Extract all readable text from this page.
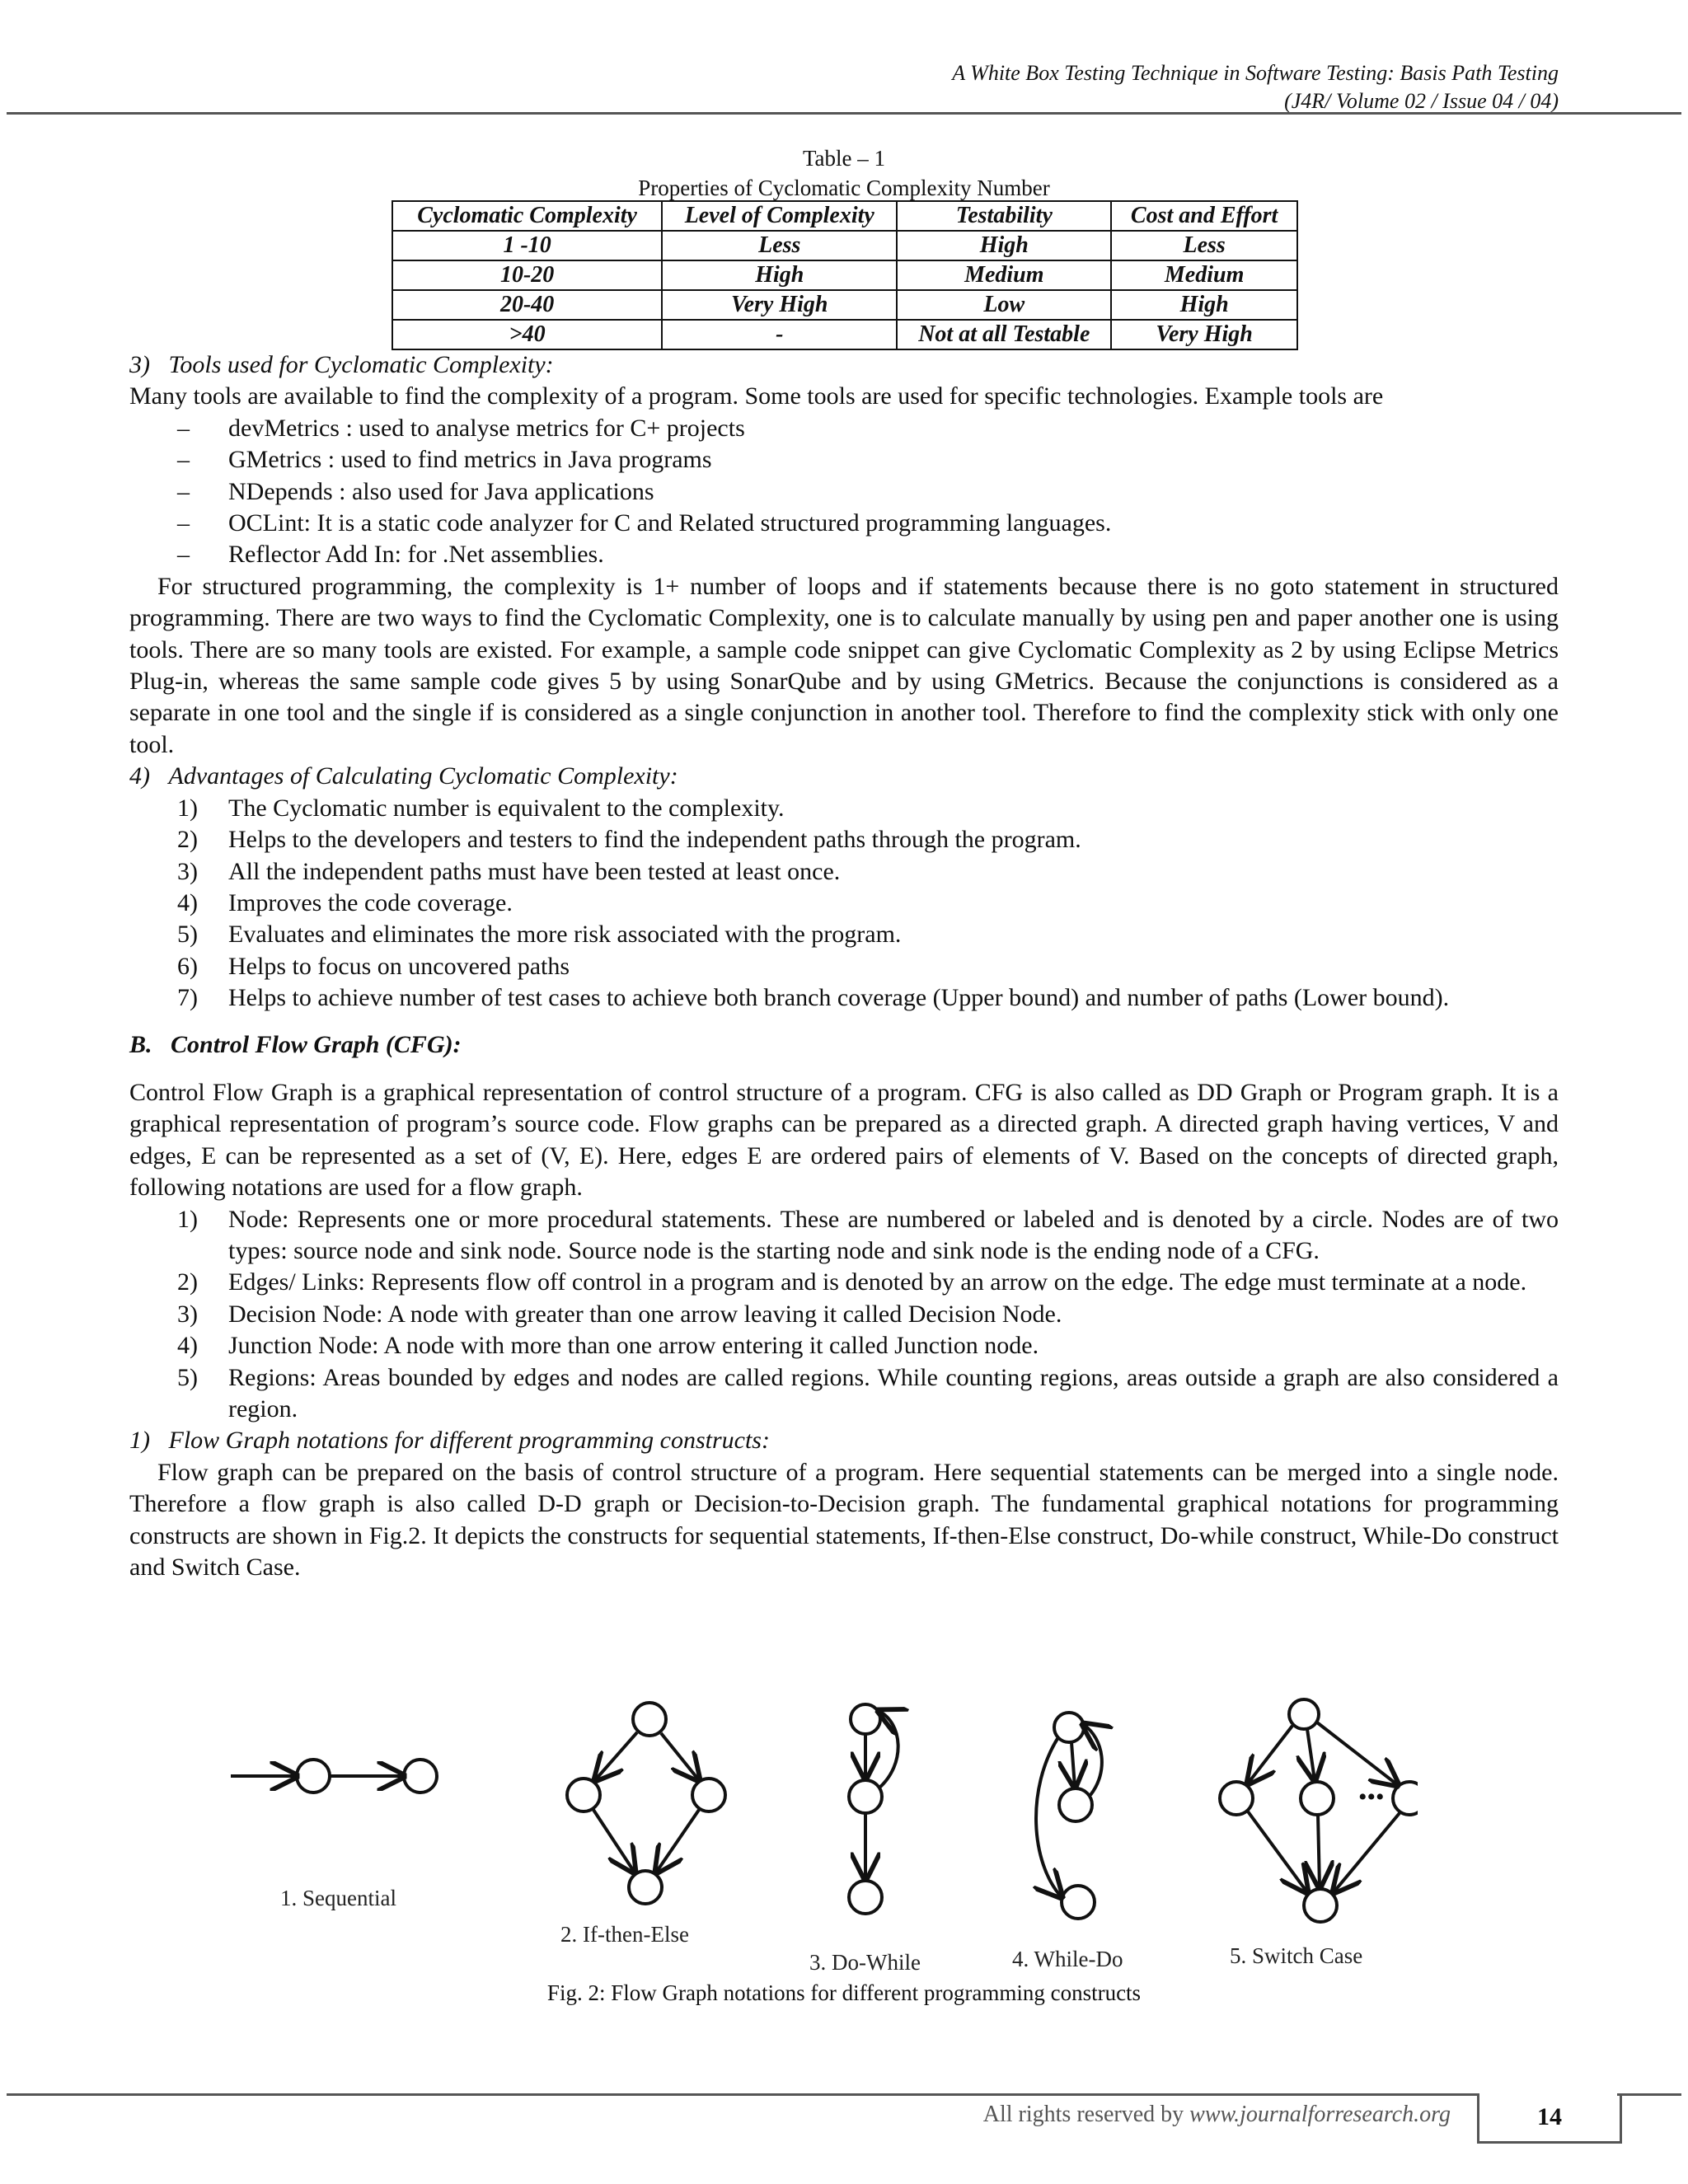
A White Box Testing Technique in Software Testing: Basis Path Testing
(J4R/ Volume 02 / Issue 04 / 04)
Table – 1
Properties of Cyclomatic Complexity Number
Cyclomatic Complexity	Level of Complexity	Testability	Cost and Effort
1 -10	Less	High	Less
10-20	High	Medium	Medium
20-40	Very High	Low	High
>40	-	Not at all Testable	Very High

3)   Tools used for Cyclomatic Complexity:

Many tools are available to find the complexity of a program. Some tools are used for specific technologies. Example tools are

– devMetrics : used to analyse metrics for C+ projects
– GMetrics : used to find metrics in Java programs
– NDepends : also used for Java applications
– OCLint: It is a static code analyzer for C and Related structured programming languages.
– Reflector Add In: for .Net assemblies.

For structured programming, the complexity is 1+ number of loops and if statements because there is no goto statement in structured programming. There are two ways to find the Cyclomatic Complexity, one is to calculate manually by using pen and paper another one is using tools. There are so many tools are existed. For example, a sample code snippet can give Cyclomatic Complexity as 2 by using Eclipse Metrics Plug-in, whereas the same sample code gives 5 by using SonarQube and by using GMetrics. Because the conjunctions is considered as a separate in one tool and the single if is considered as a single conjunction in another tool. Therefore to find the complexity stick with only one tool.

4)   Advantages of Calculating Cyclomatic Complexity:

1) The Cyclomatic number is equivalent to the complexity.
2) Helps to the developers and testers to find the independent paths through the program.
3) All the independent paths must have been tested at least once.
4) Improves the code coverage.
5) Evaluates and eliminates the more risk associated with the program.
6) Helps to focus on uncovered paths
7) Helps to achieve number of test cases to achieve both branch coverage (Upper bound) and number of paths (Lower bound).

B.   Control Flow Graph (CFG):

Control Flow Graph is a graphical representation of control structure of a program. CFG is also called as DD Graph or Program graph. It is a graphical representation of program’s source code. Flow graphs can be prepared as a directed graph. A directed graph having vertices, V and edges, E can be represented as a set of (V, E). Here, edges E are ordered pairs of elements of V. Based on the concepts of directed graph, following notations are used for a flow graph.

1) Node: Represents one or more procedural statements. These are numbered or labeled and is denoted by a circle. Nodes are of two types: source node and sink node. Source node is the starting node and sink node is the ending node of a CFG.
2) Edges/ Links: Represents flow off control in a program and is denoted by an arrow on the edge. The edge must terminate at a node.
3) Decision Node: A node with greater than one arrow leaving it called Decision Node.
4) Junction Node: A node with more than one arrow entering it called Junction node.
5) Regions: Areas bounded by edges and nodes are called regions. While counting regions, areas outside a graph are also considered a region.

1)   Flow Graph notations for different programming constructs:

Flow graph can be prepared on the basis of control structure of a program. Here sequential statements can be merged into a single node. Therefore a flow graph is also called D-D graph or Decision-to-Decision graph. The fundamental graphical notations for programming constructs are shown in Fig.2. It depicts the constructs for sequential statements, If-then-Else construct, Do-while construct, While-Do construct and Switch Case.

•••
1. Sequential
2. If-then-Else
3. Do-While	4. While-Do	5. Switch Case
Fig. 2: Flow Graph notations for different programming constructs
All rights reserved by www.journalforresearch.org	14
